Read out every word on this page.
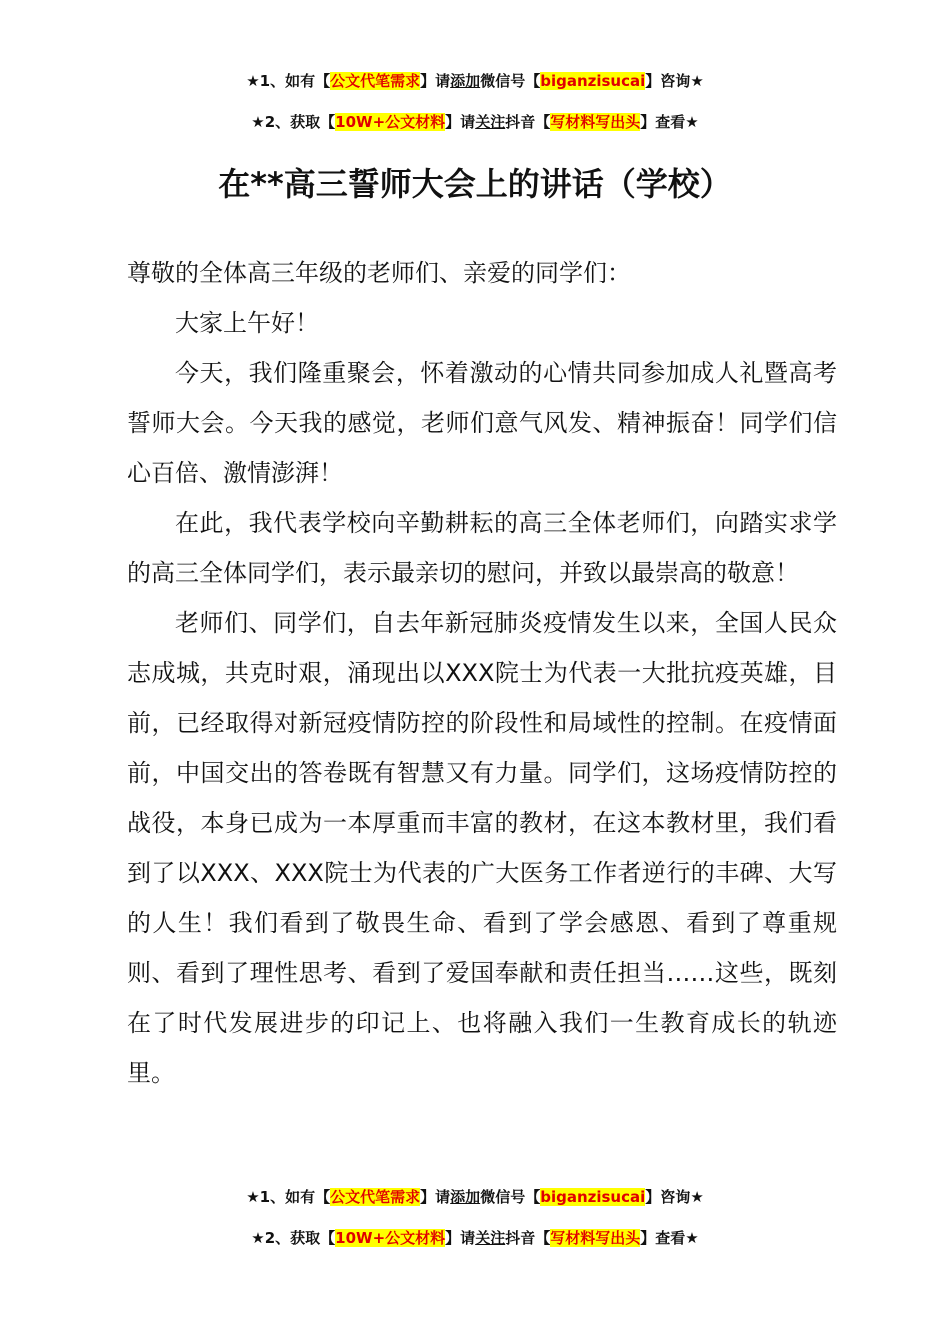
★1、如有【公文代笔需求】请添加微信号【biganzisucai】咨询★
★2、获取【10W+公文材料】请关注抖音【写材料写出头】查看★
在**高三誓师大会上的讲话（学校）

尊敬的全体高三年级的老师们、亲爱的同学们：

大家上午好！

今天，我们隆重聚会，怀着激动的心情共同参加成人礼暨高考誓师大会。今天我的感觉，老师们意气风发、精神振奋！同学们信心百倍、激情澎湃！

在此，我代表学校向辛勤耕耘的高三全体老师们，向踏实求学的高三全体同学们，表示最亲切的慰问，并致以最崇高的敬意！

老师们、同学们，自去年新冠肺炎疫情发生以来，全国人民众志成城，共克时艰，涌现出以XXX院士为代表一大批抗疫英雄，目前，已经取得对新冠疫情防控的阶段性和局域性的控制。在疫情面前，中国交出的答卷既有智慧又有力量。同学们，这场疫情防控的战役，本身已成为一本厚重而丰富的教材，在这本教材里，我们看到了以XXX、XXX院士为代表的广大医务工作者逆行的丰碑、大写的人生！我们看到了敬畏生命、看到了学会感恩、看到了尊重规则、看到了理性思考、看到了爱国奉献和责任担当……这些，既刻在了时代发展进步的印记上、也将融入我们一生教育成长的轨迹里。

★1、如有【公文代笔需求】请添加微信号【biganzisucai】咨询★
★2、获取【10W+公文材料】请关注抖音【写材料写出头】查看★
